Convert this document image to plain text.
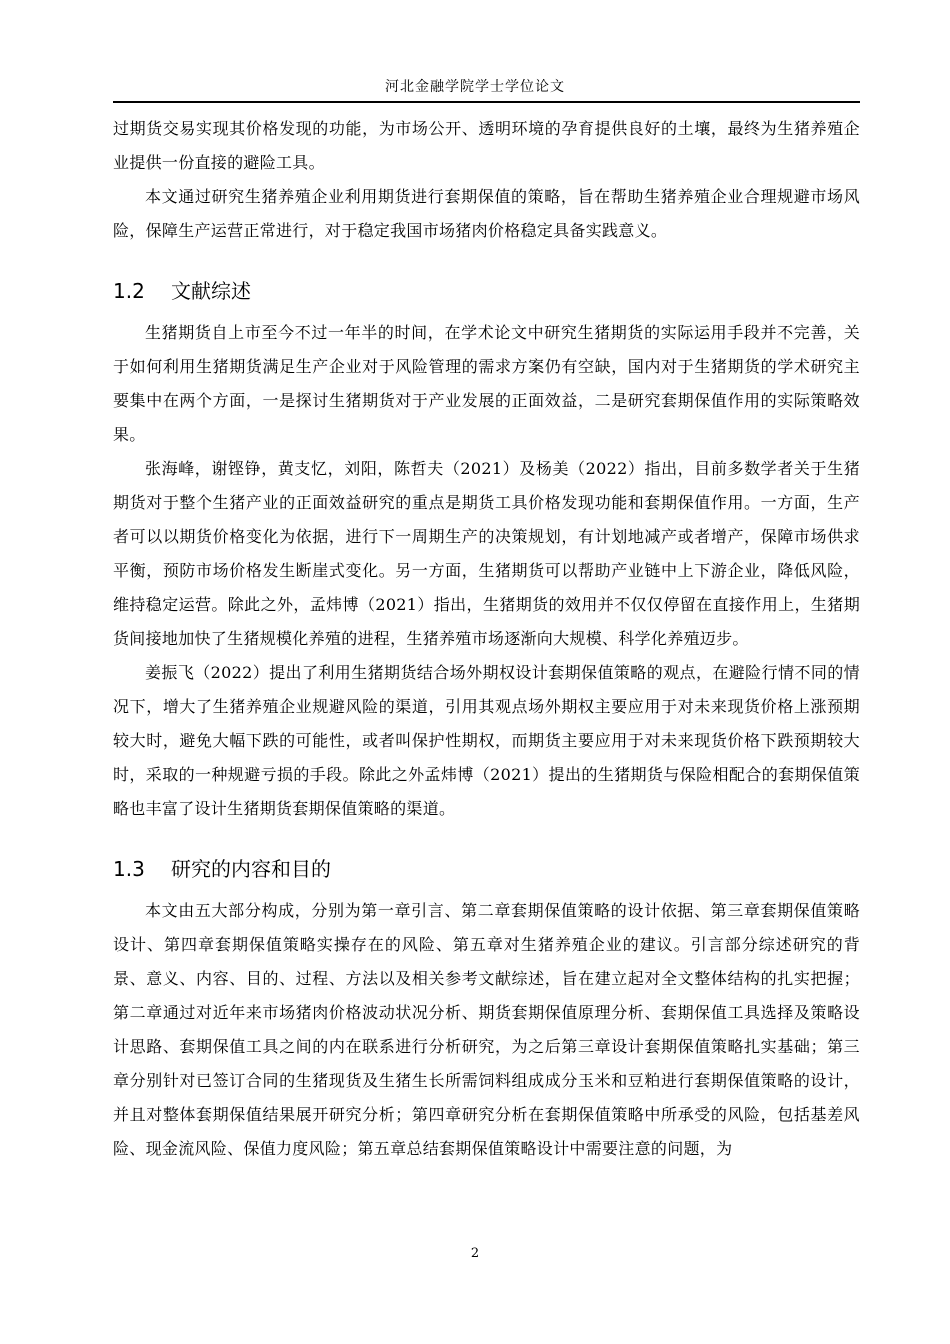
河北金融学院学士学位论文

过期货交易实现其价格发现的功能，为市场公开、透明环境的孕育提供良好的土壤，最终为生猪养殖企业提供一份直接的避险工具。

本文通过研究生猪养殖企业利用期货进行套期保值的策略，旨在帮助生猪养殖企业合理规避市场风险，保障生产运营正常进行，对于稳定我国市场猪肉价格稳定具备实践意义。

1.2 文献综述

生猪期货自上市至今不过一年半的时间，在学术论文中研究生猪期货的实际运用手段并不完善，关于如何利用生猪期货满足生产企业对于风险管理的需求方案仍有空缺，国内对于生猪期货的学术研究主要集中在两个方面，一是探讨生猪期货对于产业发展的正面效益，二是研究套期保值作用的实际策略效果。

张海峰，谢铿铮，黄支忆，刘阳，陈哲夫（2021）及杨美（2022）指出，目前多数学者关于生猪期货对于整个生猪产业的正面效益研究的重点是期货工具价格发现功能和套期保值作用。一方面，生产者可以以期货价格变化为依据，进行下一周期生产的决策规划，有计划地减产或者增产，保障市场供求平衡，预防市场价格发生断崖式变化。另一方面，生猪期货可以帮助产业链中上下游企业，降低风险，维持稳定运营。除此之外，孟炜博（2021）指出，生猪期货的效用并不仅仅停留在直接作用上，生猪期货间接地加快了生猪规模化养殖的进程，生猪养殖市场逐渐向大规模、科学化养殖迈步。

姜振飞（2022）提出了利用生猪期货结合场外期权设计套期保值策略的观点，在避险行情不同的情况下，增大了生猪养殖企业规避风险的渠道，引用其观点场外期权主要应用于对未来现货价格上涨预期较大时，避免大幅下跌的可能性，或者叫保护性期权，而期货主要应用于对未来现货价格下跌预期较大时，采取的一种规避亏损的手段。除此之外孟炜博（2021）提出的生猪期货与保险相配合的套期保值策略也丰富了设计生猪期货套期保值策略的渠道。

1.3 研究的内容和目的

本文由五大部分构成，分别为第一章引言、第二章套期保值策略的设计依据、第三章套期保值策略设计、第四章套期保值策略实操存在的风险、第五章对生猪养殖企业的建议。引言部分综述研究的背景、意义、内容、目的、过程、方法以及相关参考文献综述，旨在建立起对全文整体结构的扎实把握；第二章通过对近年来市场猪肉价格波动状况分析、期货套期保值原理分析、套期保值工具选择及策略设计思路、套期保值工具之间的内在联系进行分析研究，为之后第三章设计套期保值策略扎实基础；第三章分别针对已签订合同的生猪现货及生猪生长所需饲料组成成分玉米和豆粕进行套期保值策略的设计，并且对整体套期保值结果展开研究分析；第四章研究分析在套期保值策略中所承受的风险，包括基差风险、现金流风险、保值力度风险；第五章总结套期保值策略设计中需要注意的问题，为

2
